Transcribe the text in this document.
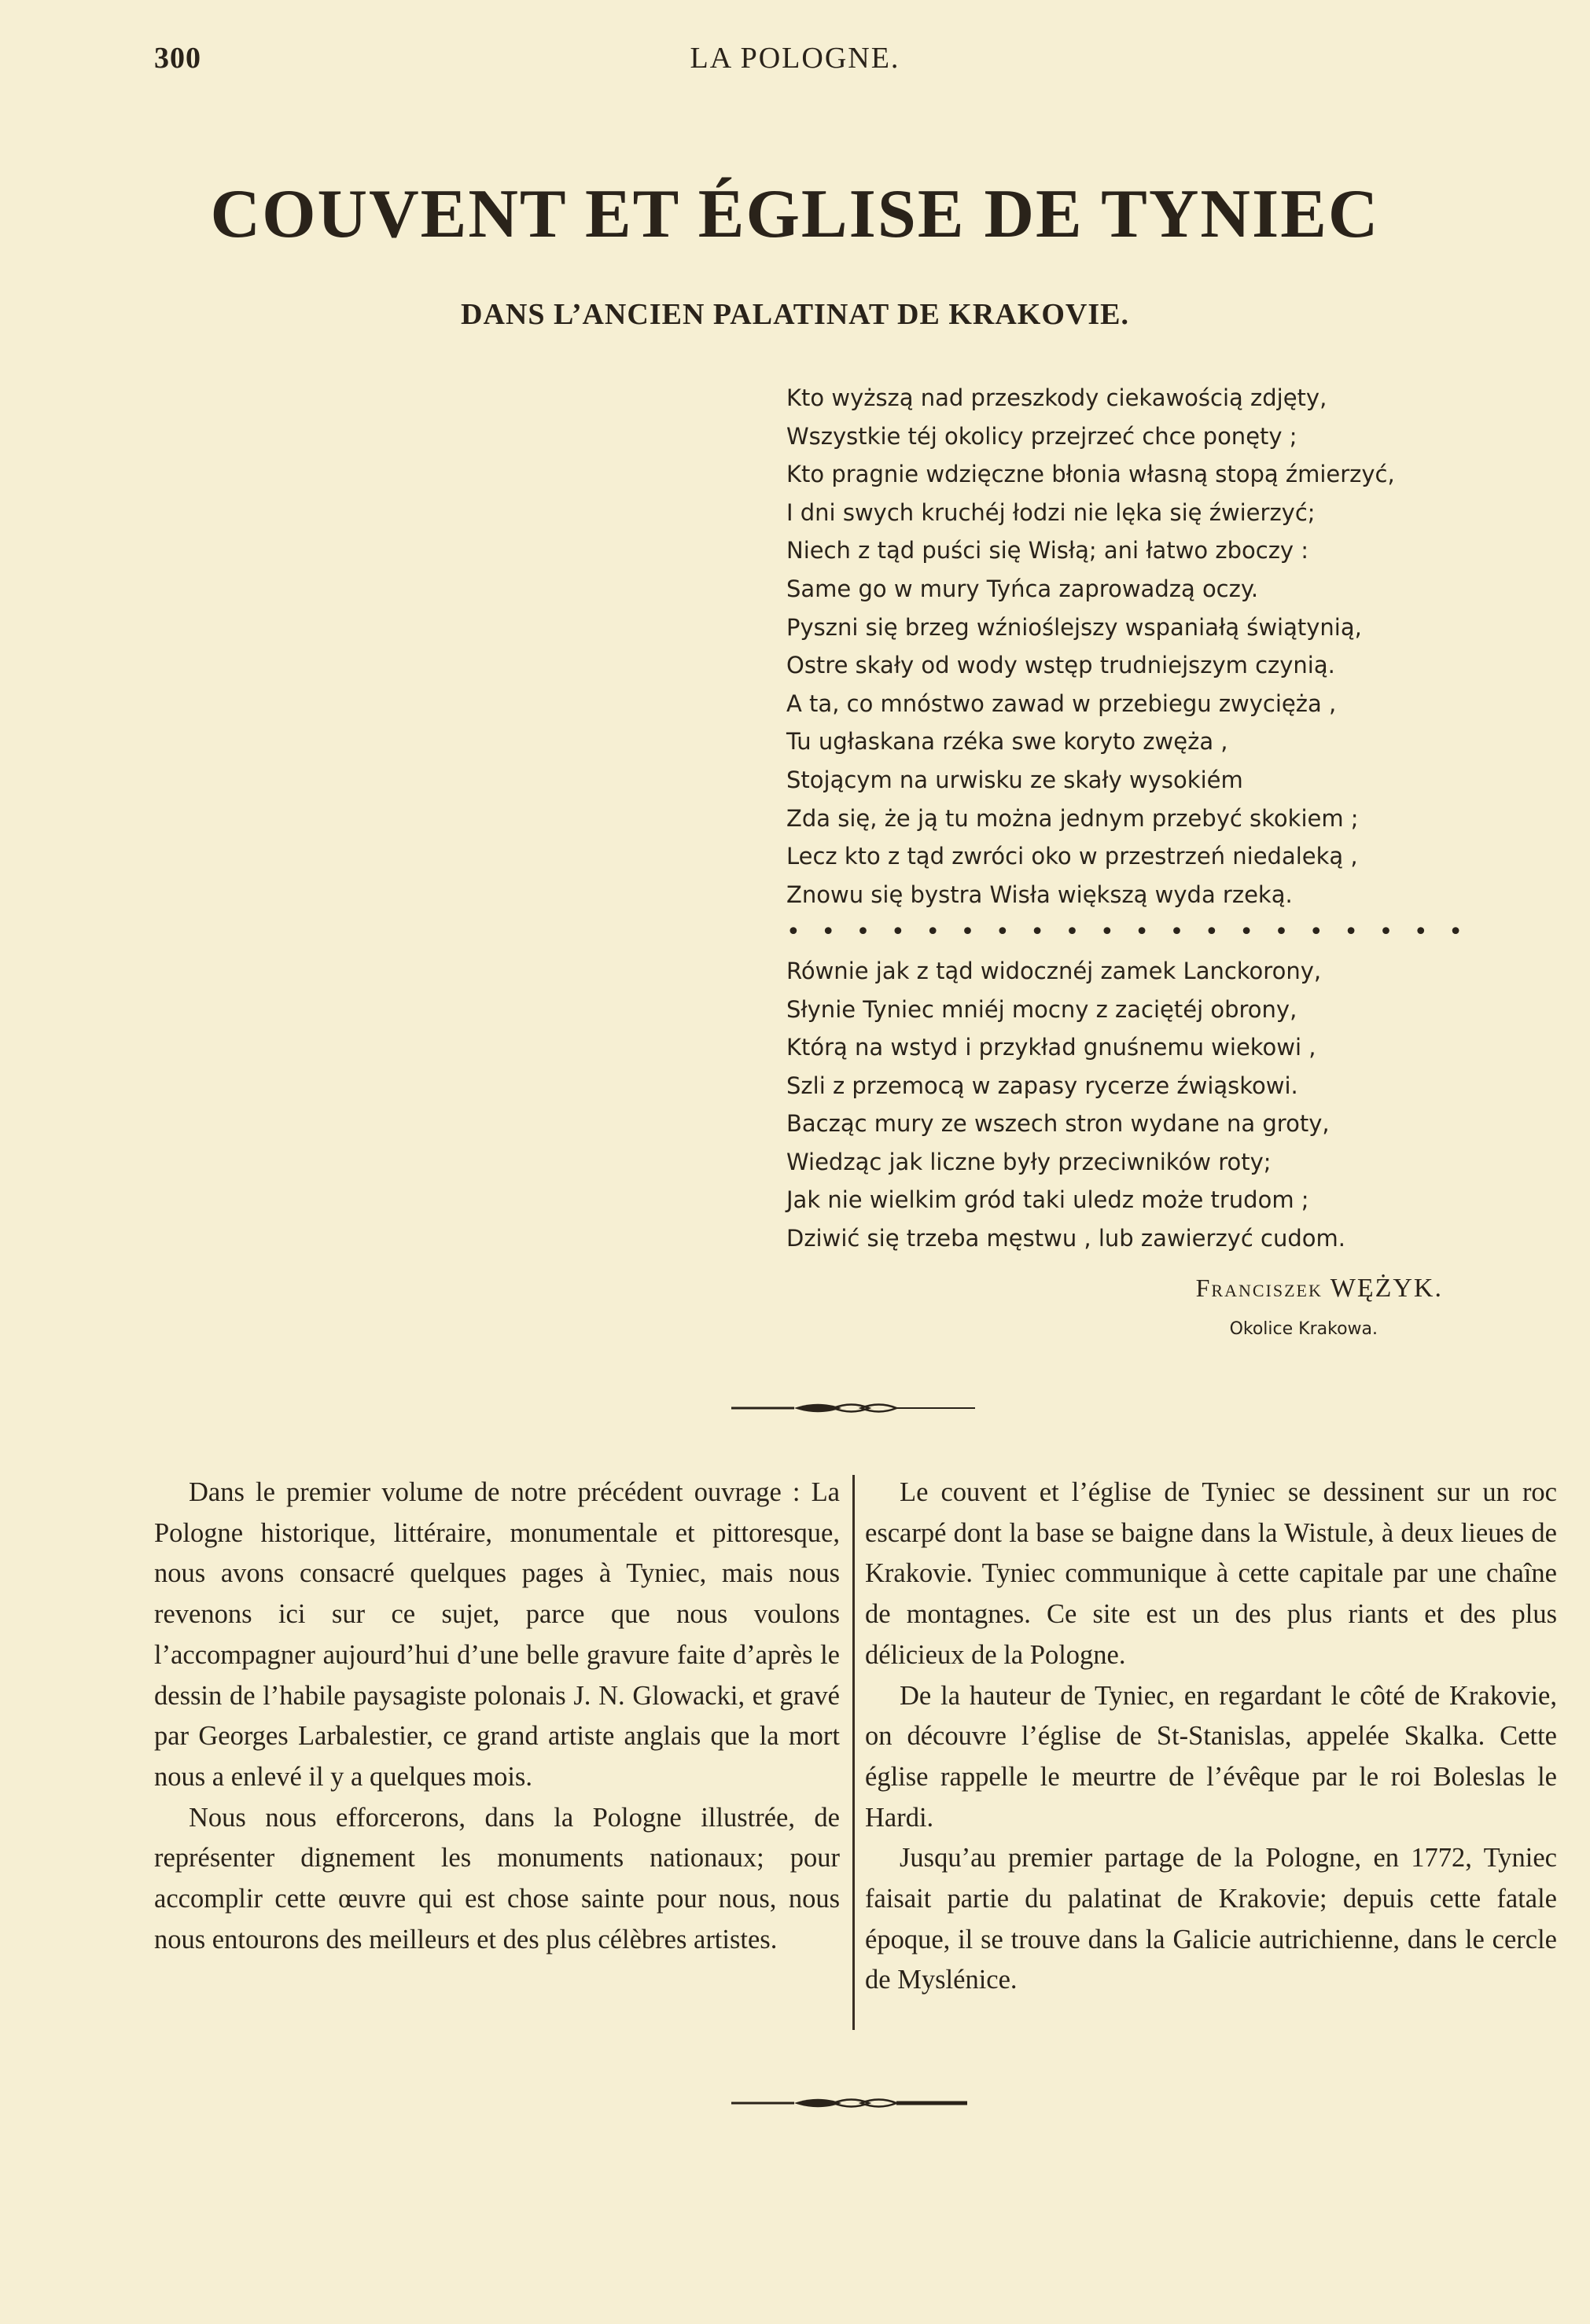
300	LA POLOGNE.
COUVENT ET ÉGLISE DE TYNIEC
DANS L’ANCIEN PALATINAT DE KRAKOVIE.
Kto wyższą nad przeszkody ciekawością zdjęty,
Wszystkie téj okolicy przejrzeć chce ponęty ;
Kto pragnie wdzięczne błonia własną stopą źmierzyć,
I dni swych kruchéj łodzi nie lęka się źwierzyć;
Niech z tąd puści się Wisłą; ani łatwo zboczy :
Same go w mury Tyńca zaprowadzą oczy.
Pyszni się brzeg wźnioślejszy wspaniałą świątynią,
Ostre skały od wody wstęp trudniejszym czynią.
A ta, co mnóstwo zawad w przebiegu zwycięża ,
Tu ugłaskana rzéka swe koryto zwęża ,
Stojącym na urwisku ze skały wysokiém
Zda się, że ją tu można jednym przebyć skokiem ;
Lecz kto z tąd zwróci oko w przestrzeń niedaleką ,
Znowu się bystra Wisła większą wyda rzeką.
• • • • • • • • • • • • • • • • • • • •
Równie jak z tąd widocznéj zamek Lanckorony,
Słynie Tyniec mniéj mocny z zaciętéj obrony,
Którą na wstyd i przykład gnuśnemu wiekowi ,
Szli z przemocą w zapasy rycerze źwiąskowi.
Bacząc mury ze wszech stron wydane na groty,
Wiedząc jak liczne były przeciwników roty;
Jak nie wielkim gród taki uledz może trudom ;
Dziwić się trzeba męstwu , lub zawierzyć cudom.
Franciszek WĘŻYK.
Okolice Krakowa.

Dans le premier volume de notre précédent ouvrage : La Pologne historique, littéraire, monumentale et pittoresque, nous avons consacré quelques pages à Tyniec, mais nous revenons ici sur ce sujet, parce que nous voulons l’accompagner aujourd’hui d’une belle gravure faite d’après le dessin de l’habile paysagiste polonais J. N. Glowacki, et gravé par Georges Larbalestier, ce grand artiste anglais que la mort nous a enlevé il y a quelques mois.

Nous nous efforcerons, dans la Pologne illustrée, de représenter dignement les monuments nationaux; pour accomplir cette œuvre qui est chose sainte pour nous, nous nous entourons des meilleurs et des plus célèbres artistes.

Le couvent et l’église de Tyniec se dessinent sur un roc escarpé dont la base se baigne dans la Wistule, à deux lieues de Krakovie. Tyniec communique à cette capitale par une chaîne de montagnes. Ce site est un des plus riants et des plus délicieux de la Pologne.

De la hauteur de Tyniec, en regardant le côté de Krakovie, on découvre l’église de St-Stanislas, appelée Skalka. Cette église rappelle le meurtre de l’évêque par le roi Boleslas le Hardi.

Jusqu’au premier partage de la Pologne, en 1772, Tyniec faisait partie du palatinat de Krakovie; depuis cette fatale époque, il se trouve dans la Galicie autrichienne, dans le cercle de Myslénice.
